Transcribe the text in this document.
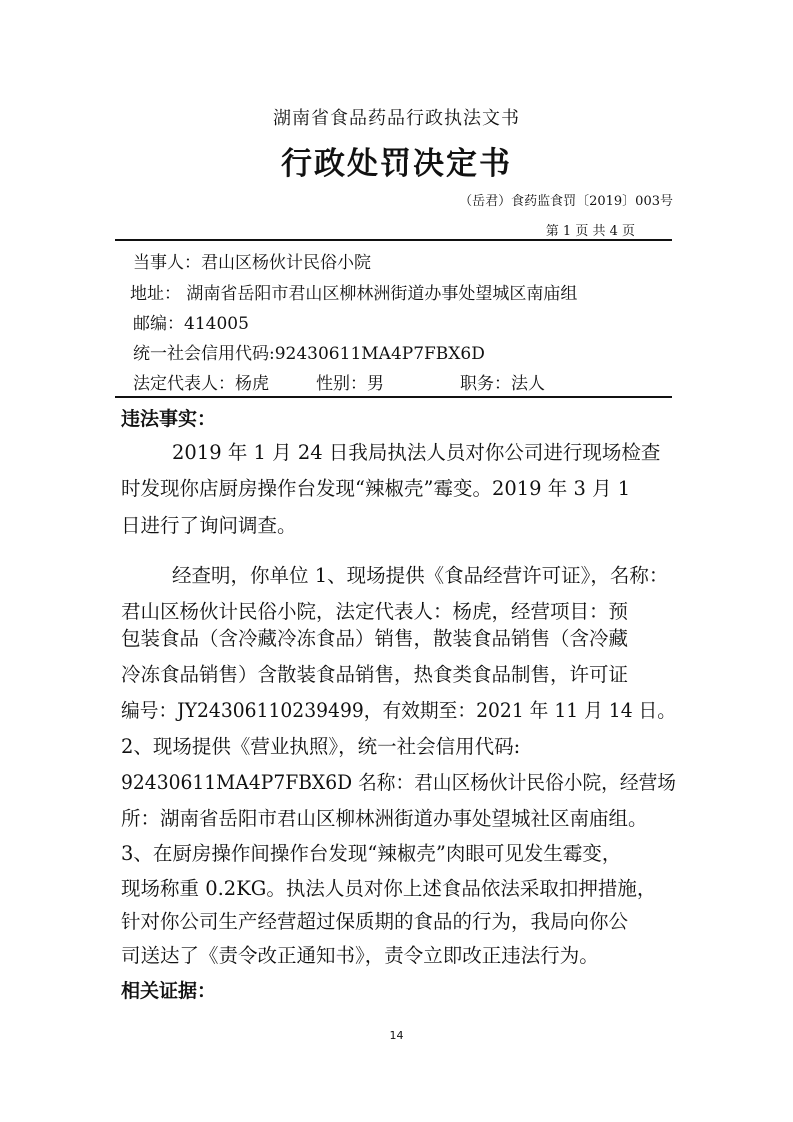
湖南省食品药品行政执法文书
行政处罚决定书
（岳君）食药监食罚〔2019〕003号
第 1 页 共 4 页
当事人：君山区杨伙计民俗小院
地址： 湖南省岳阳市君山区柳林洲街道办事处望城区南庙组
邮编：414005
统一社会信用代码:92430611MA4P7FBX6D
法定代表人：杨虎	性别：男	职务：法人
违法事实：
2019 年 1 月 24 日我局执法人员对你公司进行现场检查
时发现你店厨房操作台发现“辣椒壳”霉变。2019 年 3 月 1
日进行了询问调查。
经查明，你单位 1、现场提供《食品经营许可证》，名称：
君山区杨伙计民俗小院，法定代表人：杨虎，经营项目：预
包装食品（含冷藏冷冻食品）销售，散装食品销售（含冷藏
冷冻食品销售）含散装食品销售，热食类食品制售，许可证
编号：JY24306110239499，有效期至：2021 年 11 月 14 日。
2、现场提供《营业执照》，统一社会信用代码:
92430611MA4P7FBX6D 名称：君山区杨伙计民俗小院，经营场
所：湖南省岳阳市君山区柳林洲街道办事处望城社区南庙组。
3、在厨房操作间操作台发现“辣椒壳”肉眼可见发生霉变，
现场称重 0.2KG。执法人员对你上述食品依法采取扣押措施，
针对你公司生产经营超过保质期的食品的行为，我局向你公
司送达了《责令改正通知书》，责令立即改正违法行为。
相关证据：
14
